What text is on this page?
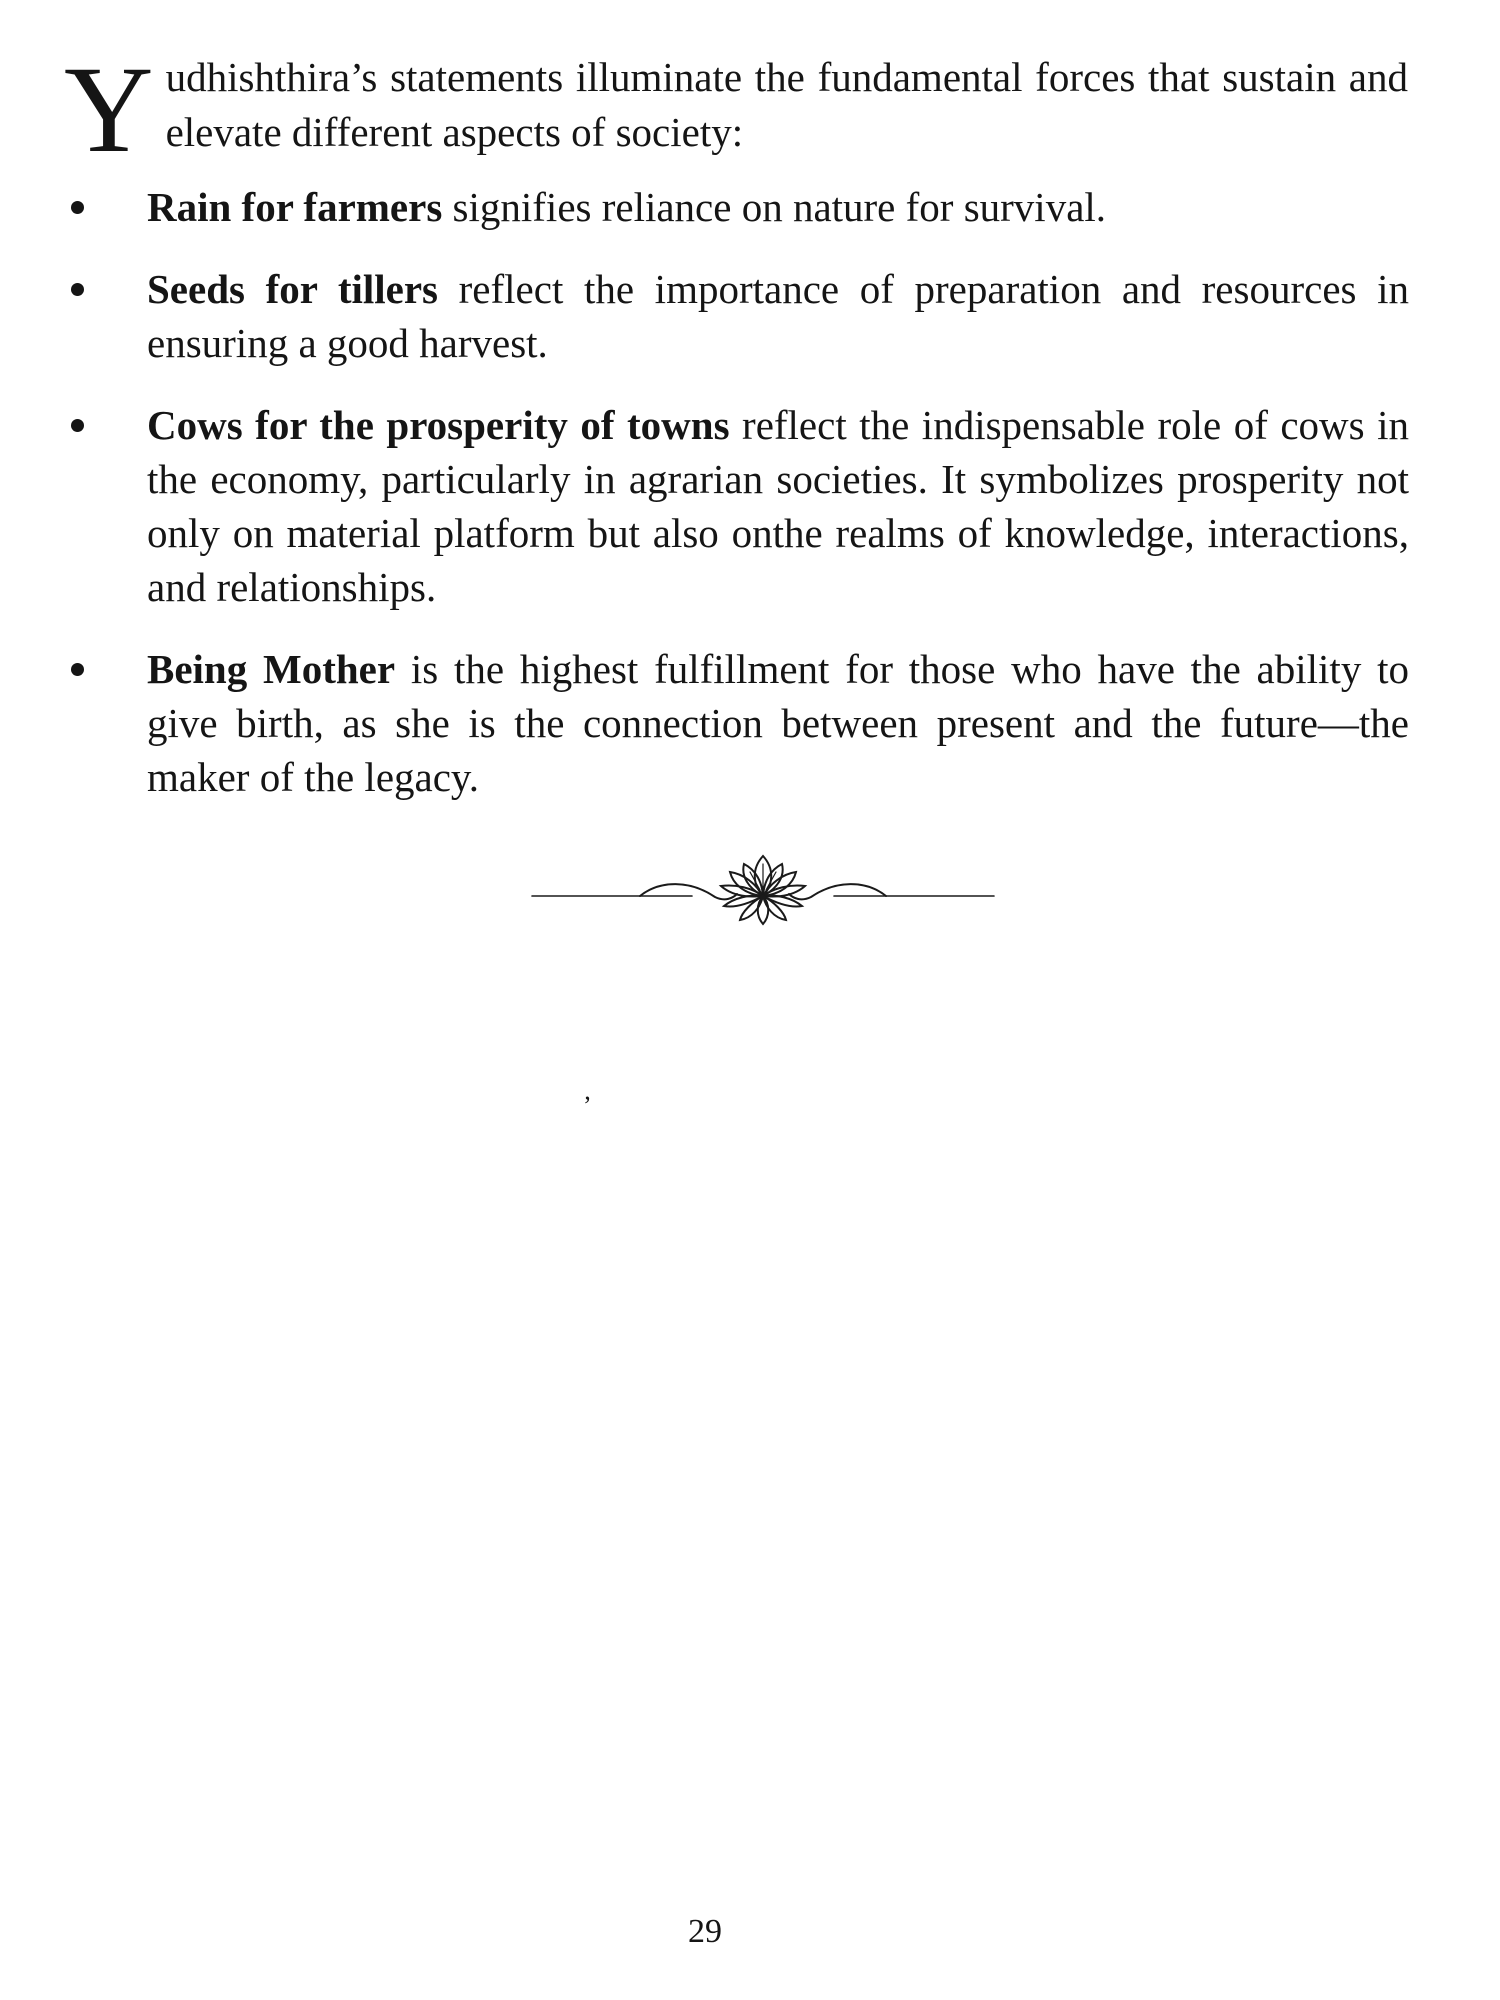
Yudhishthira’s statements illuminate the fundamental forces that sustain and elevate different aspects of society:

Rain for farmers signifies reliance on nature for survival.
Seeds for tillers reflect the importance of preparation and resources in ensuring a good harvest.
Cows for the prosperity of towns reflect the indispensable role of cows in the economy, particularly in agrarian societies. It symbolizes prosperity not only on material platform but also onthe realms of knowledge, interactions, and relationships.
Being Mother is the highest fulfillment for those who have the ability to give birth, as she is the connection between present and the future—the maker of the legacy.
’
29
